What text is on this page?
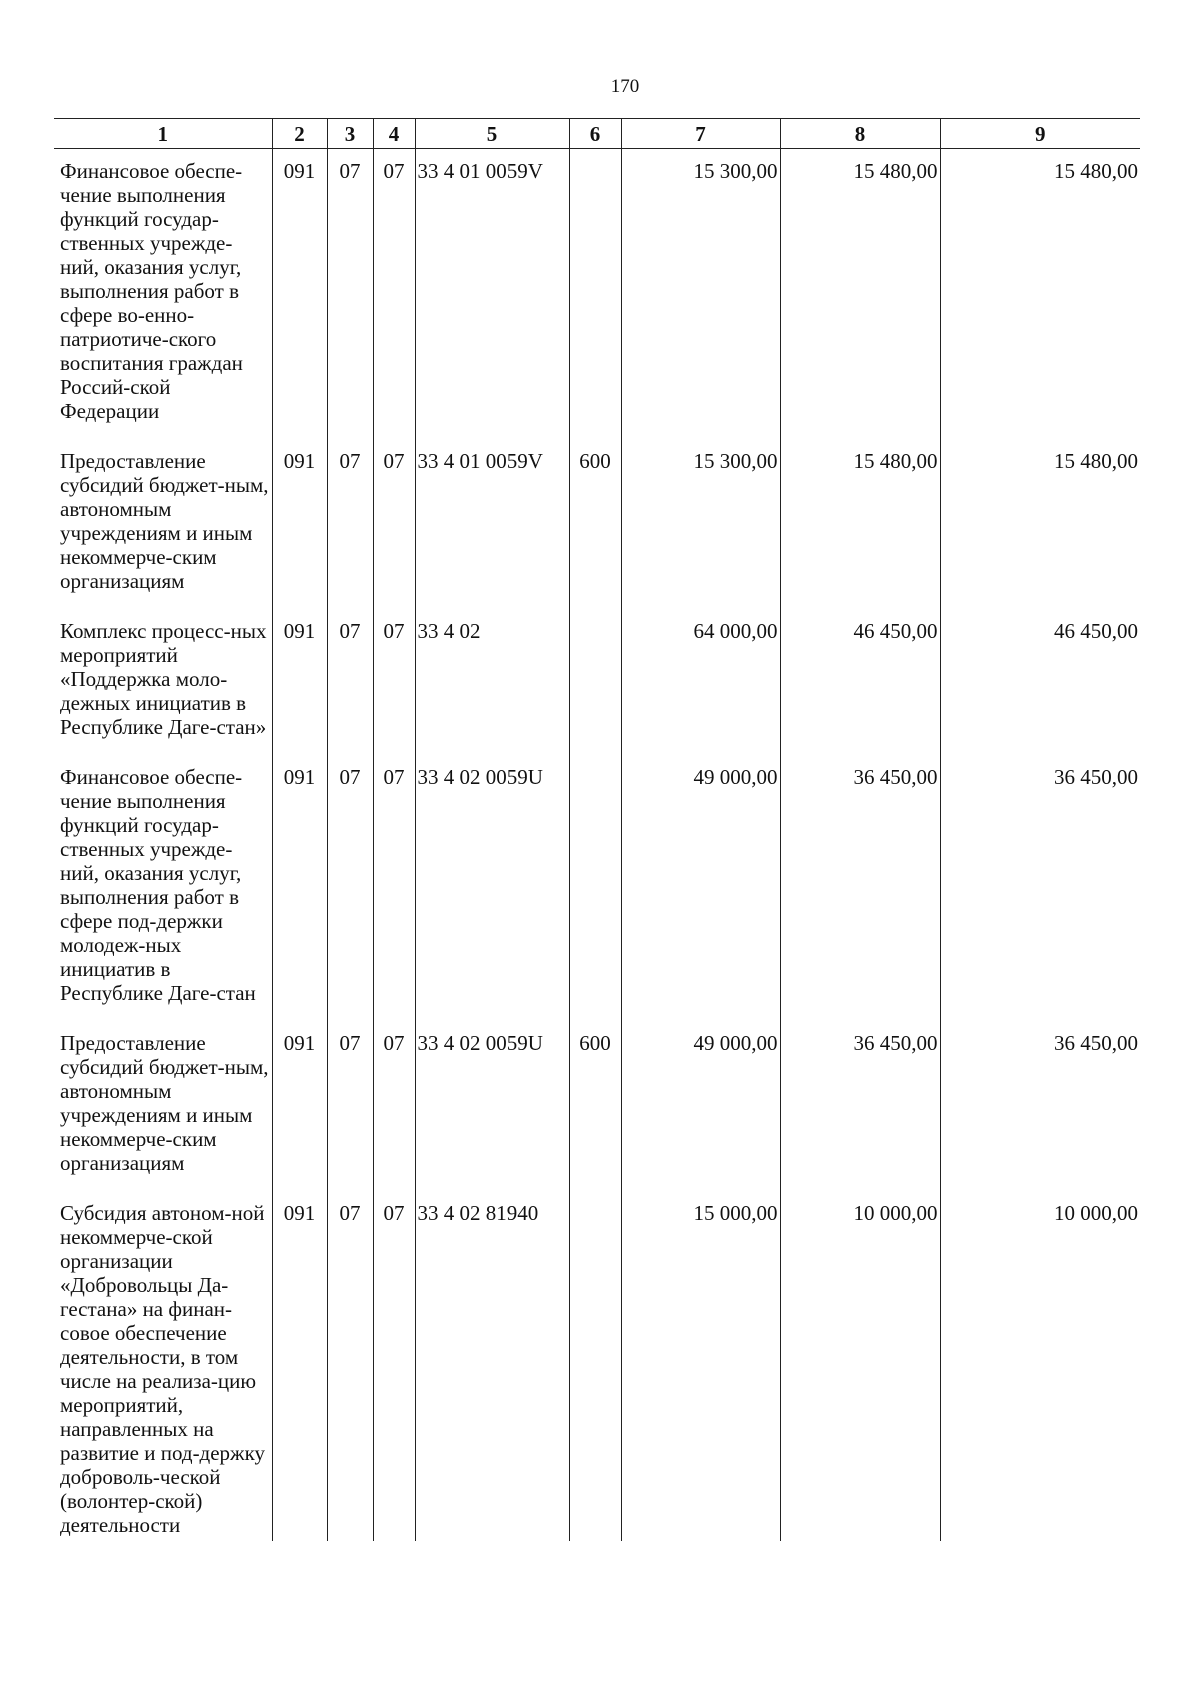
170
1	2	3	4	5	6	7	8	9

Финансовое обеспе-чение выполнения функций государ-ственных учрежде-ний, оказания услуг, выполнения работ в сфере во-енно-патриотиче-ского воспитания граждан Россий-ской Федерации	091	07	07	33 4 01 0059V		15 300,00	15 480,00	15 480,00

Предоставление субсидий бюджет-ным, автономным учреждениям и иным некоммерче-ским организациям	091	07	07	33 4 01 0059V	600	15 300,00	15 480,00	15 480,00

Комплекс процесс-ных мероприятий «Поддержка моло-дежных инициатив в Республике Даге-стан»	091	07	07	33 4 02		64 000,00	46 450,00	46 450,00

Финансовое обеспе-чение выполнения функций государ-ственных учрежде-ний, оказания услуг, выполнения работ в сфере под-держки молодеж-ных инициатив в Республике Даге-стан	091	07	07	33 4 02 0059U		49 000,00	36 450,00	36 450,00

Предоставление субсидий бюджет-ным, автономным учреждениям и иным некоммерче-ским организациям	091	07	07	33 4 02 0059U	600	49 000,00	36 450,00	36 450,00

Субсидия автоном-ной некоммерче-ской организации «Добровольцы Да-гестана» на финан-совое обеспечение деятельности, в том числе на реализа-цию мероприятий, направленных на развитие и под-держку доброволь-ческой (волонтер-ской) деятельности	091	07	07	33 4 02 81940		15 000,00	10 000,00	10 000,00
